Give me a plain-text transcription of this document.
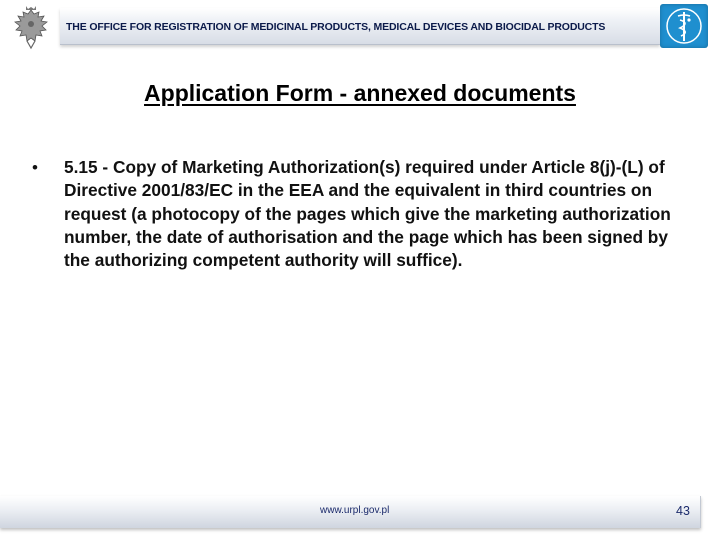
THE OFFICE FOR REGISTRATION OF MEDICINAL PRODUCTS, MEDICAL DEVICES AND BIOCIDAL PRODUCTS
Application Form - annexed documents
•	5.15 - Copy of Marketing Authorization(s) required under Article 8(j)-(L) of Directive 2001/83/EC in the EEA and the equivalent in third countries on request (a photocopy of the pages which give the marketing authorization number, the date of authorisation and the page which has been signed by the authorizing competent authority will suffice).
www.urpl.gov.pl	43
